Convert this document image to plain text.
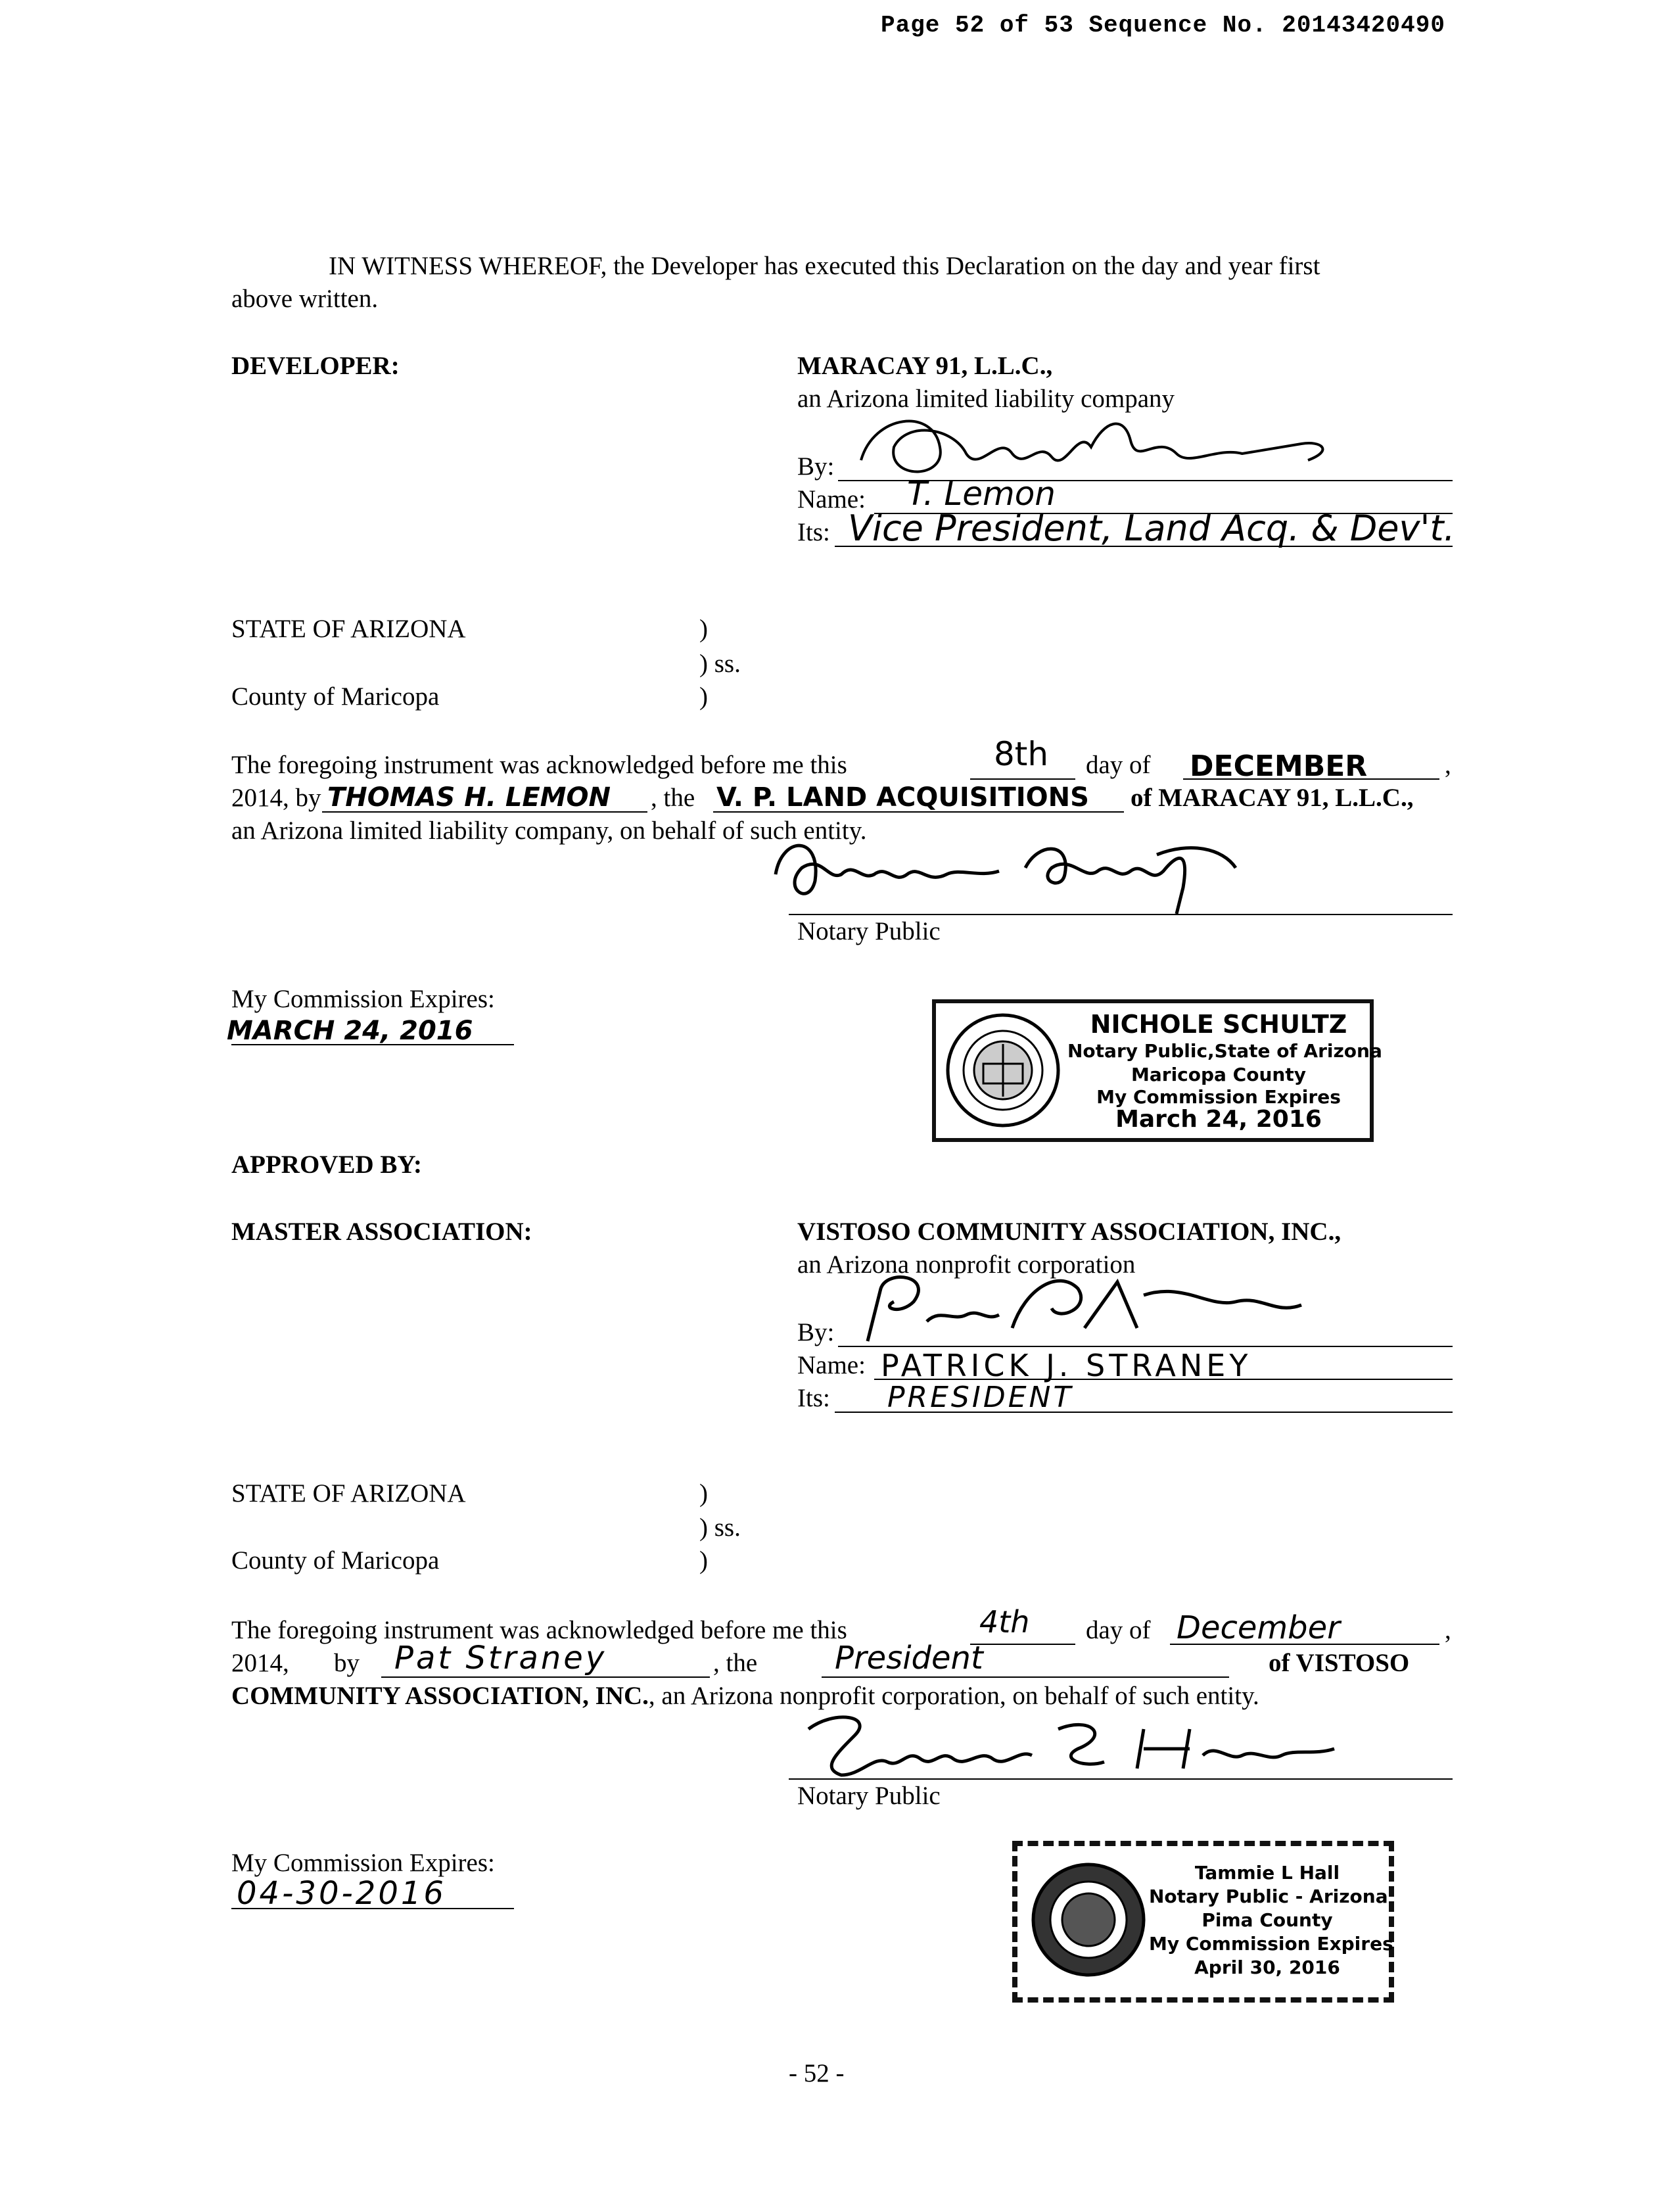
Page 52 of 53 Sequence No. 20143420490
IN WITNESS WHEREOF, the Developer has executed this Declaration on the day and year first
above written.
DEVELOPER:	MARACAY 91, L.L.C.,
an Arizona limited liability company
By:
Name: T. Lemon
Its: Vice President, Land Acq. & Dev't.
STATE OF ARIZONA	)
) ss.
County of Maricopa	)
The foregoing instrument was acknowledged before me this	8th day of DECEMBER	,
2014, by THOMAS H. LEMON , the V. P. LAND ACQUISITIONS of MARACAY 91, L.L.C.,
an Arizona limited liability company, on behalf of such entity.
Notary Public
My Commission Expires:
MARCH 24, 2016	NICHOLE SCHULTZ
Notary Public,State of Arizona
Maricopa County
My Commission Expires
March 24, 2016
APPROVED BY:
MASTER ASSOCIATION:	VISTOSO COMMUNITY ASSOCIATION, INC.,
an Arizona nonprofit corporation
By:
Name: PATRICK J. STRANEY
Its: PRESIDENT
STATE OF ARIZONA	)
) ss.
County of Maricopa	)
The foregoing instrument was acknowledged before me this	4th day of December	,
2014, by Pat Straney	, the President	of VISTOSO
COMMUNITY ASSOCIATION, INC., an Arizona nonprofit corporation, on behalf of such entity.
Notary Public
My Commission Expires:
04-30-2016
Tammie L Hall
Notary Public - Arizona
Pima County
My Commission Expires
April 30, 2016
- 52 -
